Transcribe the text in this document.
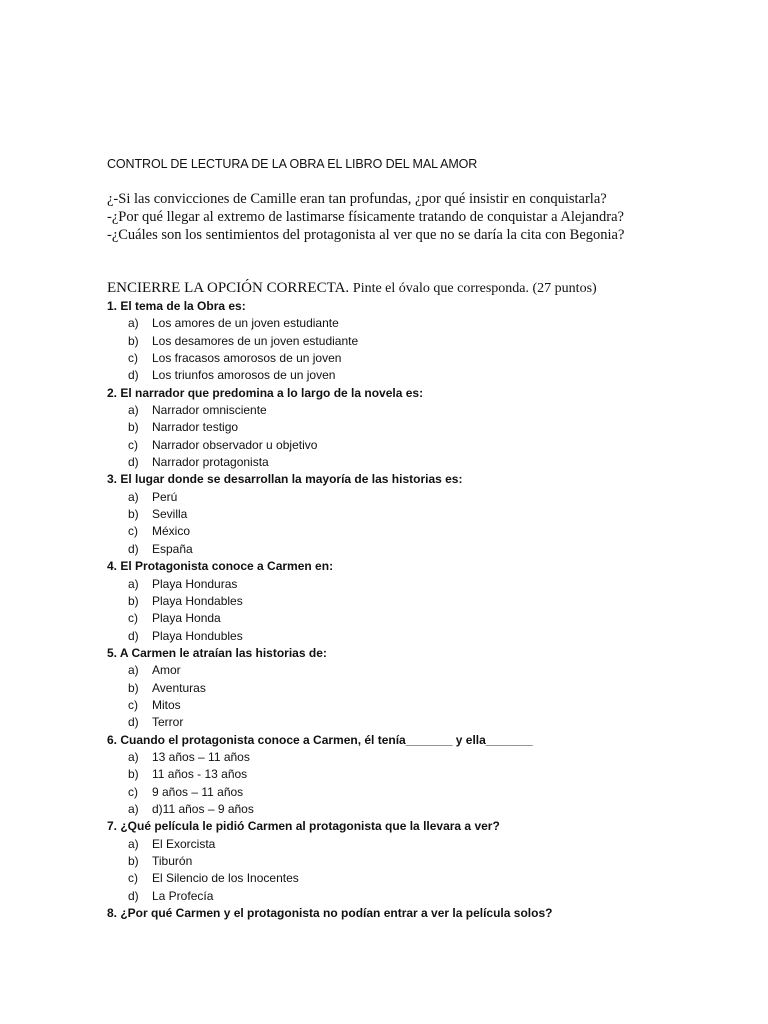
CONTROL DE LECTURA DE LA OBRA EL LIBRO DEL MAL AMOR
¿-Si las convicciones de Camille eran tan profundas, ¿por qué insistir en conquistarla?
-¿Por qué llegar al extremo de lastimarse físicamente tratando de conquistar a Alejandra?
-¿Cuáles son los sentimientos del protagonista al ver que no se daría la cita con Begonia?
ENCIERRE LA OPCIÓN CORRECTA. Pinte el óvalo que corresponda. (27 puntos)
1. El tema de la Obra es:
a) Los amores de un joven estudiante
b) Los desamores de un joven estudiante
c) Los fracasos amorosos de un joven
d) Los triunfos amorosos de un joven
2. El narrador que predomina a lo largo de la novela es:
a) Narrador omnisciente
b) Narrador testigo
c) Narrador observador u objetivo
d) Narrador protagonista
3. El lugar donde se desarrollan la mayoría de las historias es:
a) Perú
b) Sevilla
c) México
d) España
4. El Protagonista conoce a Carmen en:
a) Playa Honduras
b) Playa Hondables
c) Playa Honda
d) Playa Hondubles
5. A Carmen le atraían las historias de:
a) Amor
b) Aventuras
c) Mitos
d) Terror
6. Cuando el protagonista conoce a Carmen, él tenía_______ y ella_______
a) 13 años – 11 años
b) 11 años - 13 años
c) 9 años – 11 años
a) d)11 años – 9 años
7. ¿Qué película le pidió Carmen al protagonista que la llevara a ver?
a) El Exorcista
b) Tiburón
c) El Silencio de los Inocentes
d) La Profecía
8. ¿Por qué Carmen y el protagonista no podían entrar a ver la película solos?
